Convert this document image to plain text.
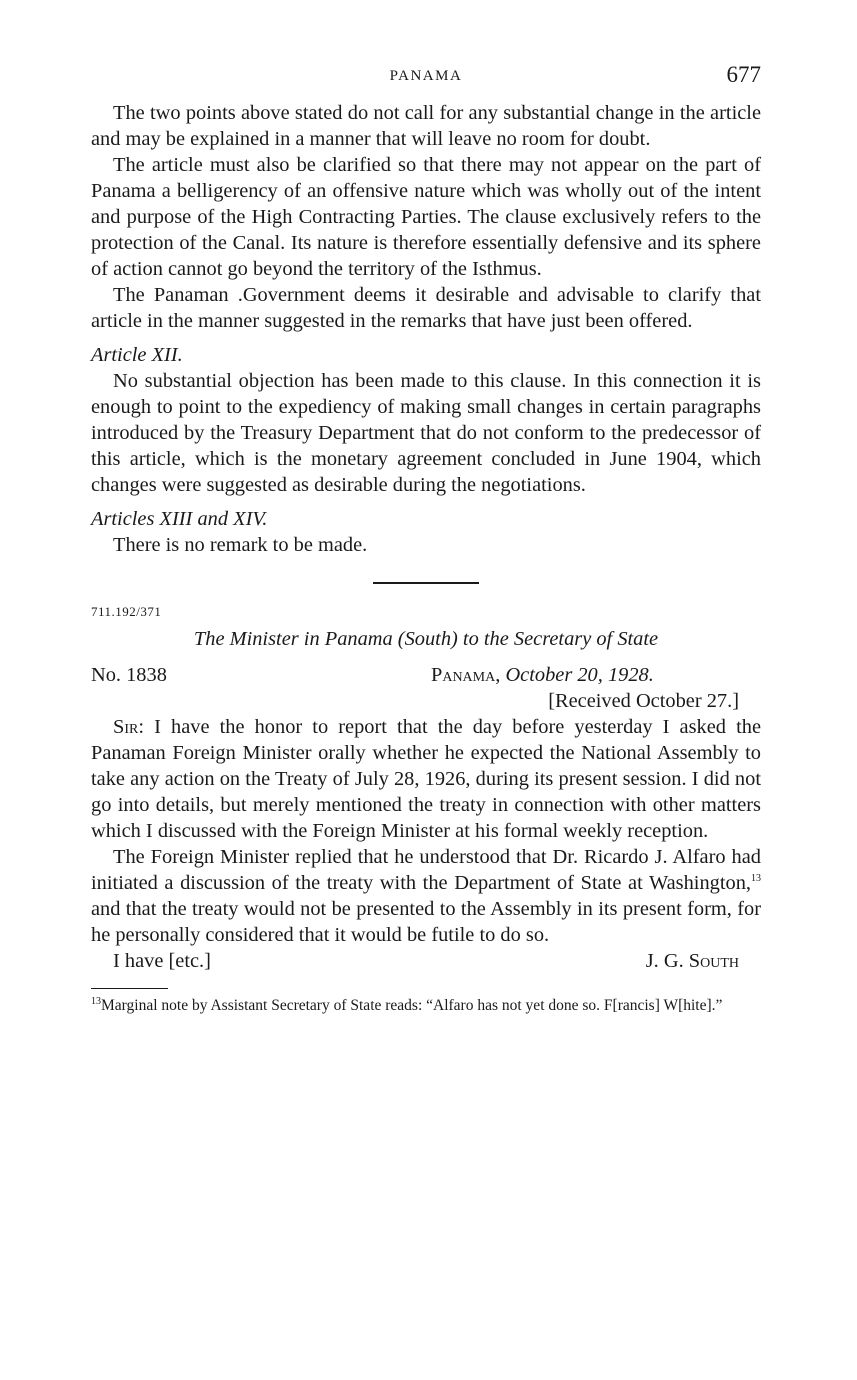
PANAMA	677

The two points above stated do not call for any substantial change in the article and may be explained in a manner that will leave no room for doubt.

The article must also be clarified so that there may not appear on the part of Panama a belligerency of an offensive nature which was wholly out of the intent and purpose of the High Contracting Parties. The clause exclusively refers to the protection of the Canal. Its nature is therefore essentially defensive and its sphere of action cannot go beyond the territory of the Isthmus.

The Panaman .Government deems it desirable and advisable to clarify that article in the manner suggested in the remarks that have just been offered.

Article XII.

No substantial objection has been made to this clause. In this connection it is enough to point to the expediency of making small changes in certain paragraphs introduced by the Treasury Department that do not conform to the predecessor of this article, which is the monetary agreement concluded in June 1904, which changes were suggested as desirable during the negotiations.

Articles XIII and XIV.

There is no remark to be made.

711.192/371
The Minister in Panama (South) to the Secretary of State
No. 1838	Panama, October 20, 1928.
[Received October 27.]

Sir: I have the honor to report that the day before yesterday I asked the Panaman Foreign Minister orally whether he expected the National Assembly to take any action on the Treaty of July 28, 1926, during its present session. I did not go into details, but merely mentioned the treaty in connection with other matters which I discussed with the Foreign Minister at his formal weekly reception.

The Foreign Minister replied that he understood that Dr. Ricardo J. Alfaro had initiated a discussion of the treaty with the Department of State at Washington,$^{13}$ and that the treaty would not be presented to the Assembly in its present form, for he personally considered that it would be futile to do so.

I have [etc.]	J. G. South
$^{13}$Marginal note by Assistant Secretary of State reads: “Alfaro has not yet done so. F[rancis] W[hite].”
